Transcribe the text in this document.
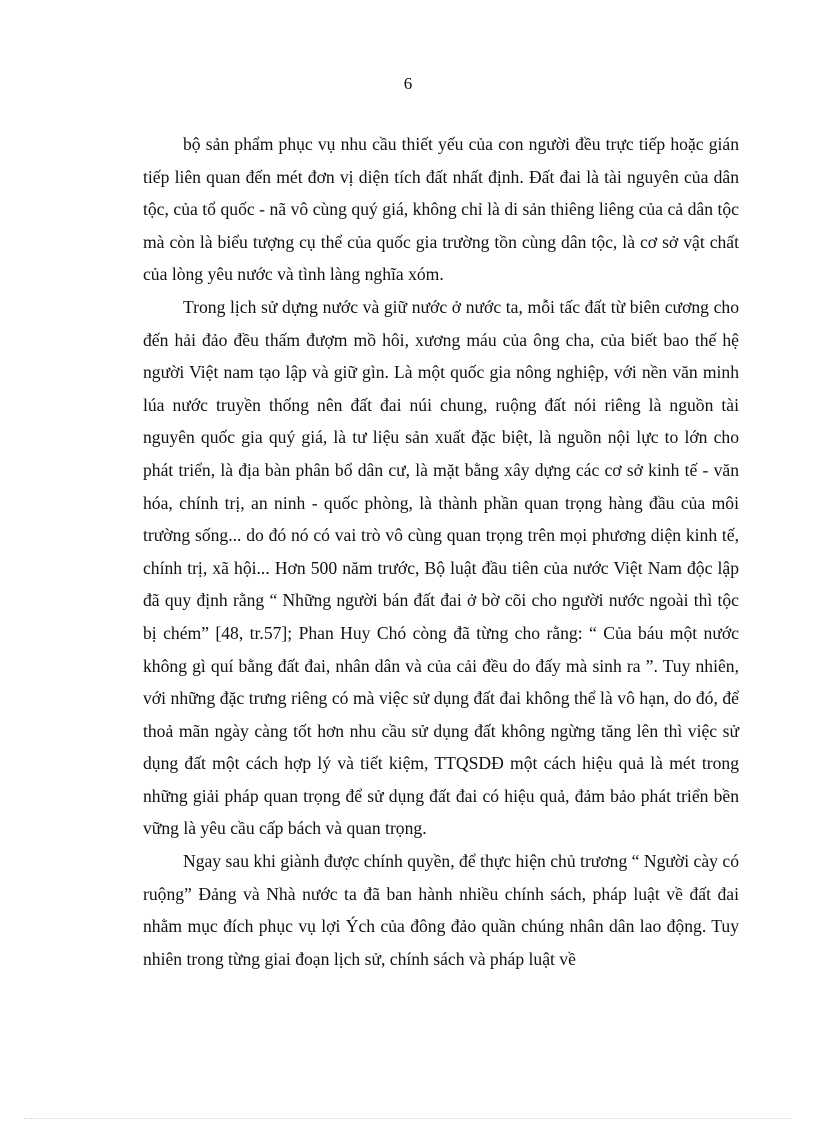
6

bộ sản phẩm phục vụ nhu cầu thiết yếu của con người đều trực tiếp hoặc gián tiếp liên quan đến mét đơn vị diện tích đất nhất định. Đất đai là tài nguyên của dân tộc, của tổ quốc - nã vô cùng quý giá, không chỉ là di sản thiêng liêng của cả dân tộc mà còn là biểu tượng cụ thể của quốc gia trường tồn cùng dân tộc, là cơ sở vật chất của lòng yêu nước và tình làng nghĩa xóm.

Trong lịch sử dựng nước và giữ nước ở nước ta, mỗi tấc đất từ biên cương cho đến hải đảo đều thấm đượm mồ hôi, xương máu của ông cha, của biết bao thế hệ người Việt nam tạo lập và giữ gìn. Là một quốc gia nông nghiệp, với nền văn minh lúa nước truyền thống nên đất đai núi chung, ruộng đất nói riêng là nguồn tài nguyên quốc gia quý giá, là tư liệu sản xuất đặc biệt, là nguồn nội lực to lớn cho phát triển, là địa bàn phân bổ dân cư, là mặt bằng xây dựng các cơ sở kinh tế - văn hóa, chính trị, an ninh - quốc phòng, là thành phần quan trọng hàng đầu của môi trường sống... do đó nó có vai trò vô cùng quan trọng trên mọi phương diện kinh tế, chính trị, xã hội... Hơn 500 năm trước, Bộ luật đầu tiên của nước Việt Nam độc lập đã quy định rằng “ Những người bán đất đai ở bờ cõi cho người nước ngoài thì tộc bị chém” [48, tr.57]; Phan Huy Chó còng đã từng cho rằng: “ Của báu một nước không gì quí bằng đất đai, nhân dân và của cải đều do đấy mà sinh ra ”. Tuy nhiên, với những đặc trưng riêng có mà việc sử dụng đất đai không thể là vô hạn, do đó, để thoả mãn ngày càng tốt hơn nhu cầu sử dụng đất không ngừng tăng lên thì việc sử dụng đất một cách hợp lý và tiết kiệm, TTQSDĐ một cách hiệu quả là mét trong những giải pháp quan trọng để sử dụng đất đai có hiệu quả, đảm bảo phát triển bền vững là yêu cầu cấp bách và quan trọng.

Ngay sau khi giành được chính quyền, để thực hiện chủ trương “ Người cày có ruộng” Đảng và Nhà nước ta đã ban hành nhiều chính sách, pháp luật về đất đai nhằm mục đích phục vụ lợi Ých của đông đảo quần chúng nhân dân lao động. Tuy nhiên trong từng giai đoạn lịch sử, chính sách và pháp luật về
